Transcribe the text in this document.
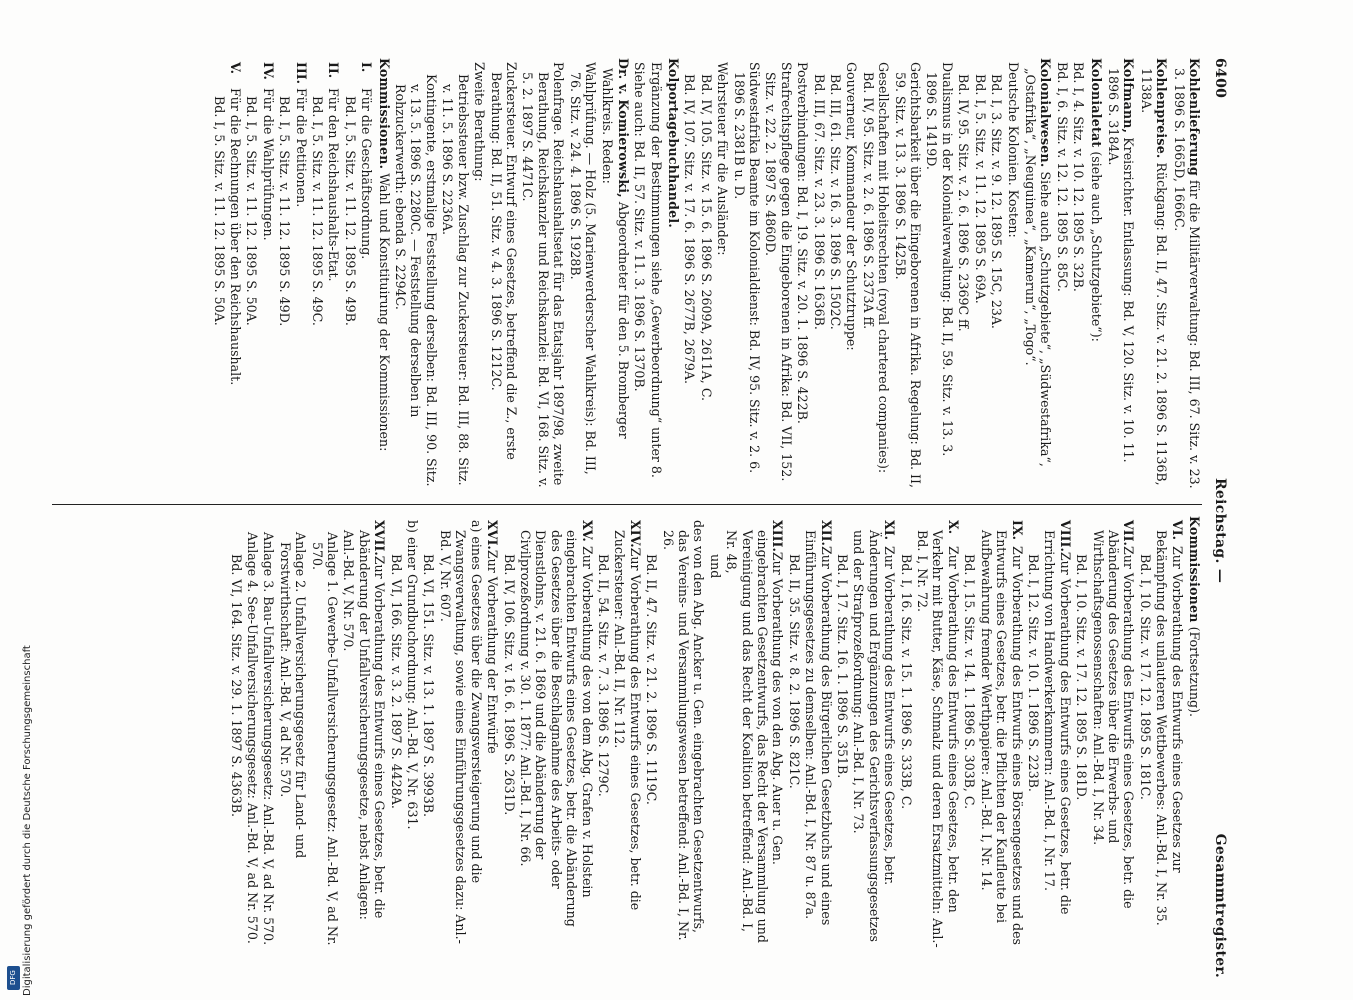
Digitalisierung gefördert durch die Deutsche Forschungsgemeinschaft
DFG
6400
Reichstag. —
Gesammtregister.
Kohlenlieferung für die Militärverwaltung: Bd. III, 67. Sitz. v. 23. 3. 1896 S. 1665D, 1666C.
Kohlenpreise. Rückgang: Bd. II, 47. Sitz. v. 21. 2. 1896 S. 1136B, 1138A.
Kolfmann, Kreisrichter. Entlassung: Bd. V, 120. Sitz. v. 10. 11. 1896 S. 3184A.
Kolonialetat (siehe auch „Schutzgebiete“):
Bd. I, 4. Sitz. v. 10. 12. 1895 S. 32B.
Bd. I, 6. Sitz. v. 12. 12. 1895 S. 85C.
Kolonialwesen. Siehe auch „Schutzgebiete“, „Südwestafrika“, „Ostafrika“, „Neuguinea“, „Kamerun“, „Togo“.
Deutsche Kolonien. Kosten:
Bd. I, 3. Sitz. v. 9. 12. 1895 S. 15C, 23A.
Bd. I, 5. Sitz. v. 11. 12. 1895 S. 69A.
Bd. IV, 95. Sitz. v. 2. 6. 1896 S. 2369C ff.
Dualismus in der Kolonialverwaltung: Bd. II, 59. Sitz. v. 13. 3. 1896 S. 1419D.
Gerichtsbarkeit über die Eingeborenen in Afrika. Regelung: Bd. II, 59. Sitz. v. 13. 3. 1896 S. 1425B.
Gesellschaften mit Hoheitsrechten (royal chartered companies): Bd. IV, 95. Sitz. v. 2. 6. 1896 S. 2373A ff.
Gouverneur, Kommandeur der Schutztruppe:
Bd. III, 61. Sitz. v. 16. 3. 1896 S. 1502C.
Bd. III, 67. Sitz. v. 23. 3. 1896 S. 1636B.
Postverbindungen: Bd. I, 19. Sitz. v. 20. 1. 1896 S. 422B.
Strafrechtspflege gegen die Eingeborenen in Afrika: Bd. VII, 152. Sitz. v. 22. 2. 1897 S. 4860D.
Südwestafrika Beamte im Kolonialdienst: Bd. IV, 95. Sitz. v. 2. 6. 1896 S. 2381B u. D.
Wehrsteuer für die Ausländer:
Bd. IV, 105. Sitz. v. 15. 6. 1896 S. 2609A, 2611A, C.
Bd. IV, 107. Sitz. v. 17. 6. 1896 S. 2677B, 2679A.
Kolportagebuchhandel.
Ergänzung der Bestimmungen siehe „Gewerbeordnung“ unter 8.
Siehe auch: Bd. II, 57. Sitz. v. 11. 3. 1896 S. 1370B.
Dr. v. Komierowski, Abgeordneter für den 5. Bromberger Wahlkreis. Reden:
Wahlprüfung. — Holz (5. Marienwerderscher Wahlkreis): Bd. III, 76. Sitz. v. 24. 4. 1896 S. 1928B.
Polenfrage. Reichshaushaltsetat für das Etatsjahr 1897/98, zweite Berathung, Reichskanzler und Reichskanzlei: Bd. VI, 168. Sitz. v. 5. 2. 1897 S. 4471C.
Zuckersteuer. Entwurf eines Gesetzes, betreffend die Z., erste Berathung: Bd. II, 51. Sitz. v. 4. 3. 1896 S. 1212C.
Zweite Berathung:
Betriebssteuer bzw. Zuschlag zur Zuckersteuer: Bd. III, 88. Sitz. v. 11. 5. 1896 S. 2236A.
Kontingente, erstmalige Feststellung derselben: Bd. III, 90. Sitz. v. 13. 5. 1896 S. 2280C. — Feststellung derselben in Rohzuckerwerth: ebenda S. 2294C.
Kommissionen. Wahl und Konstituirung der Kommissionen:
I.Für die Geschäftsordnung.
Bd. I, 5. Sitz. v. 11. 12. 1895 S. 49B.
II.Für den Reichshaushalts-Etat.
Bd. I, 5. Sitz. v. 11. 12. 1895 S. 49C.
III.Für die Petitionen.
Bd. I, 5. Sitz. v. 11. 12. 1895 S. 49D.
IV.Für die Wahlprüfungen.
Bd. I, 5. Sitz. v. 11. 12. 1895 S. 50A.
V.Für die Rechnungen über den Reichshaushalt.
Bd. I, 5. Sitz. v. 11. 12. 1895 S. 50A.
Kommissionen (Fortsetzung).
VI.Zur Vorberathung des Entwurfs eines Gesetzes zur Bekämpfung des unlauteren Wettbewerbes: Anl.-Bd. I, Nr. 35.
Bd. I, 10. Sitz. v. 17. 12. 1895 S. 181C.
VII.Zur Vorberathung des Entwurfs eines Gesetzes, betr. die Abänderung des Gesetzes über die Erwerbs- und Wirthschaftsgenossenschaften: Anl.-Bd. I, Nr. 34.
Bd. I, 10. Sitz. v. 17. 12. 1895 S. 181D.
VIII.Zur Vorberathung des Entwurfs eines Gesetzes, betr. die Errichtung von Handwerkerkammern: Anl.-Bd. I, Nr. 17.
Bd. I, 12. Sitz. v. 10. 1. 1896 S. 223B.
IX.Zur Vorberathung des Entwurfs eines Börsengesetzes und des Entwurfs eines Gesetzes, betr. die Pflichten der Kaufleute bei Aufbewahrung fremder Werthpapiere: Anl.-Bd. I, Nr. 14.
Bd. I, 15. Sitz. v. 14. 1. 1896 S. 303B, C.
X.Zur Vorberathung des Entwurfs eines Gesetzes, betr. den Verkehr mit Butter, Käse, Schmalz und deren Ersatzmitteln: Anl.-Bd. I, Nr. 72.
Bd. I, 16. Sitz. v. 15. 1. 1896 S. 333B, C.
XI.Zur Vorberathung des Entwurfs eines Gesetzes, betr. Änderungen und Ergänzungen des Gerichtsverfassungsgesetzes und der Strafprozeßordnung: Anl.-Bd. I, Nr. 73.
Bd. I, 17. Sitz. 16. 1. 1896 S. 351B.
XII.Zur Vorberathung des Bürgerlichen Gesetzbuchs und eines Einführungsgesetzes zu demselben: Anl.-Bd. I, Nr. 87 u. 87a.
Bd. II, 35. Sitz. v. 8. 2. 1896 S. 821C.
XIII.Zur Vorberathung des von den Abg. Auer u. Gen. eingebrachten Gesetzentwurfs, das Recht der Versammlung und Vereinigung und das Recht der Koalition betreffend: Anl.-Bd. I, Nr. 48,
und
des von den Abg. Ancker u. Gen. eingebrachten Gesetzentwurfs, das Vereins- und Versammlungswesen betreffend: Anl.-Bd. I, Nr. 26.
Bd. II, 47. Sitz. v. 21. 2. 1896 S. 1119C.
XIV.Zur Vorberathung des Entwurfs eines Gesetzes, betr. die Zuckersteuer: Anl.-Bd. II, Nr. 112.
Bd. II, 54. Sitz. v. 7. 3. 1896 S. 1279C.
XV.Zur Vorberathung des von dem Abg. Grafen v. Holstein eingebrachten Entwurfs eines Gesetzes, betr. die Abänderung des Gesetzes über die Beschlagnahme des Arbeits- oder Dienstlohns, v. 21. 6. 1869 und die Abänderung der Civilprozeßordnung v. 30. 1. 1877: Anl.-Bd. I, Nr. 66.
Bd. IV, 106. Sitz. v. 16. 6. 1896 S. 2631D.
XVI.Zur Vorberathung der Entwürfe
a) eines Gesetzes über die Zwangsversteigerung und die Zwangsverwaltung, sowie eines Einführungsgesetzes dazu: Anl.-Bd. V, Nr. 607.
Bd. VI, 151. Sitz. v. 13. 1. 1897 S. 3993B.
b) einer Grundbuchordnung: Anl.-Bd. V, Nr. 631.
Bd. VI, 166. Sitz. v. 3. 2. 1897 S. 4428A.
XVII.Zur Vorberathung des Entwurfs eines Gesetzes, betr. die Abänderung der Unfallversicherungsgesetze, nebst Anlagen: Anl.-Bd. V, Nr. 570.
Anlage 1. Gewerbe-Unfallversicherungsgesetz: Anl.-Bd. V, ad Nr. 570.
Anlage 2. Unfallversicherungsgesetz für Land- und Forstwirthschaft: Anl.-Bd. V, ad Nr. 570.
Anlage 3. Bau-Unfallversicherungsgesetz: Anl.-Bd. V, ad Nr. 570.
Anlage 4. See-Unfallversicherungsgesetz: Anl.-Bd. V, ad Nr. 570.
Bd. VI, 164. Sitz. v. 29. 1. 1897 S. 4363B.
